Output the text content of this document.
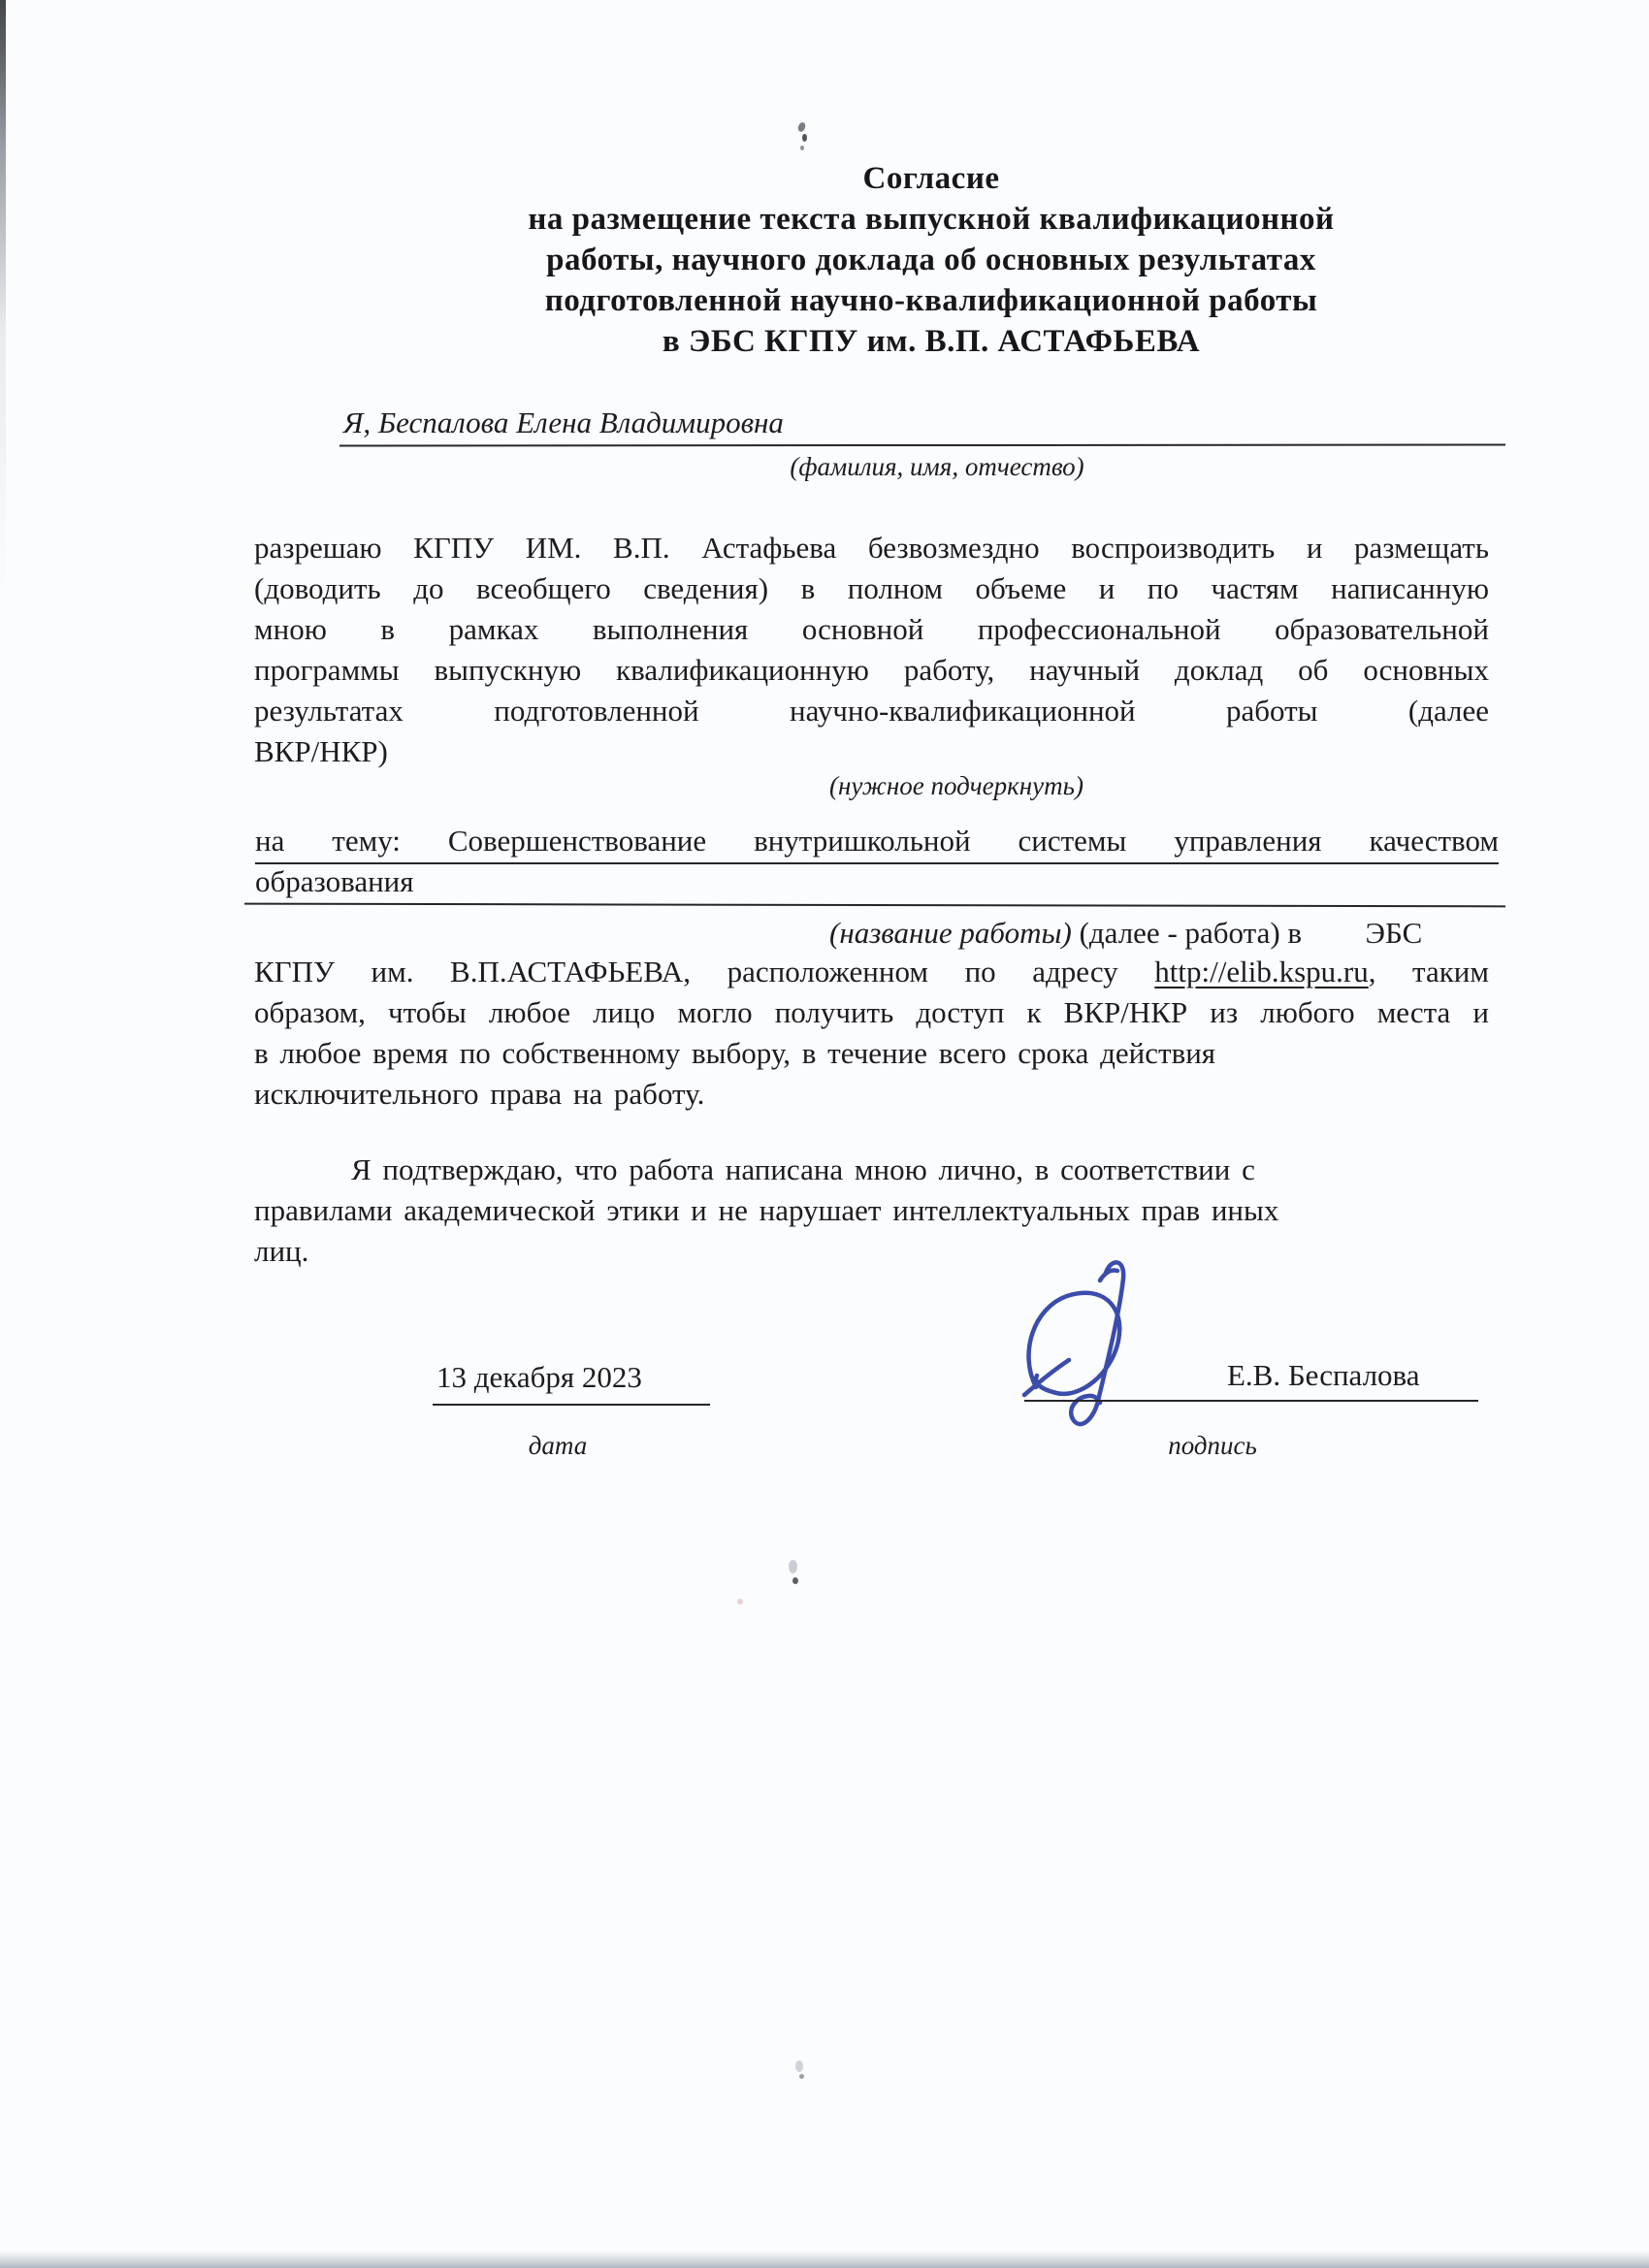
Согласие
на размещение текста выпускной квалификационной
работы, научного доклада об основных результатах
подготовленной научно-квалификационной работы
в ЭБС КГПУ им. В.П. АСТАФЬЕВА
Я, Беспалова Елена Владимировна
(фамилия, имя, отчество)
разрешаю КГПУ ИМ. В.П. Астафьева безвозмездно воспроизводить и размещать
(доводить до всеобщего сведения) в полном объеме и по частям написанную
мною в рамках выполнения основной профессиональной образовательной
программы выпускную квалификационную работу, научный доклад об основных
результатах подготовленной научно-квалификационной работы (далее
ВКР/НКР)
(нужное подчеркнуть)
на тему: Совершенствование внутришкольной системы управления качеством
образования
(название работы) (далее - работа) в ЭБС
КГПУ им. В.П.АСТАФЬЕВА, расположенном по адресу http://elib.kspu.ru, таким
образом, чтобы любое лицо могло получить доступ к ВКР/НКР из любого места и
в любое время по собственному выбору, в течение всего срока действия
исключительного права на работу.
Я подтверждаю, что работа написана мною лично, в соответствии с
правилами академической этики и не нарушает интеллектуальных прав иных
лиц.
13 декабря 2023
дата
Е.В. Беспалова
подпись
